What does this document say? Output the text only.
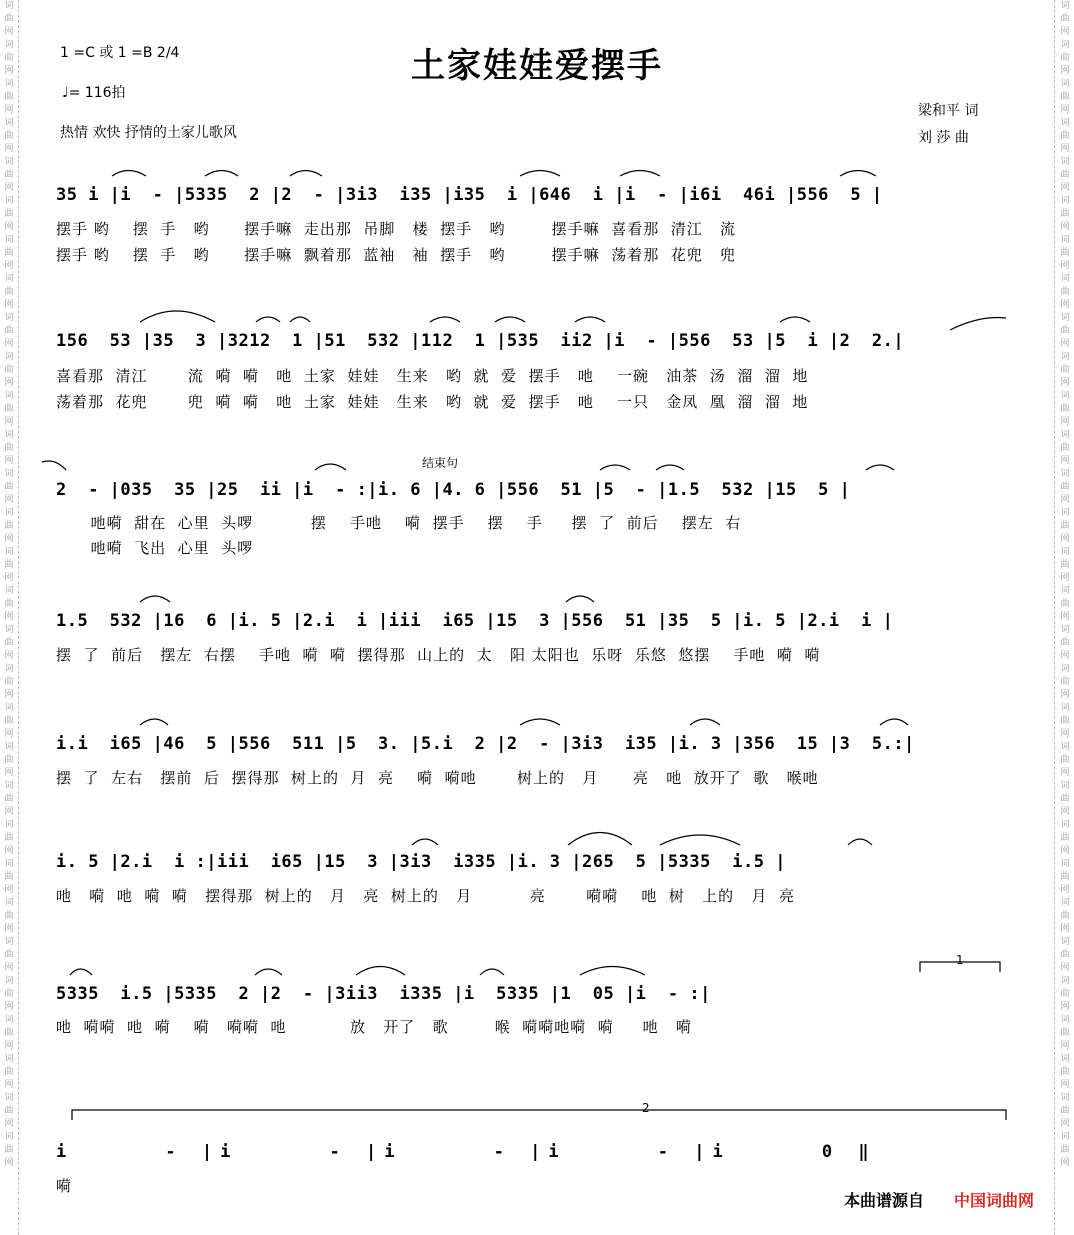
词
曲
网
词
曲
网
词
曲
网
词
曲
网
词
曲
网
词
曲
网
词
曲
网
词
曲
网
词
曲
网
词
曲
网
词
曲
网
词
曲
网
词
曲
网
词
曲
网
词
曲
网
词
曲
网
词
曲
网
词
曲
网
词
曲
网
词
曲
网
词
曲
网
词
曲
网
词
曲
网
词
曲
网
词
曲
网
词
曲
网
词
曲
网
词
曲
网
词
曲
网
词
曲
网
词
曲
网
词
曲
网
词
曲
网
词
曲
网
词
曲
网
词
曲
网
词
曲
网
词
曲
网
词
曲
网
词
曲
网
词
曲
网
词
曲
网
词
曲
网
词
曲
网
词
曲
网
词
曲
网
词
曲
网
词
曲
网
词
曲
网
词
曲
网
词
曲
网
词
曲
网
词
曲
网
词
曲
网
词
曲
网
词
曲
网
词
曲
网
词
曲
网
词
曲
网
词
曲
网
1 =C 或 1 =B 2/4
♩= 116拍
热情 欢快 抒情的土家儿歌风
土家娃娃爱摆手
梁和平 词
刘 莎 曲
35 i |i  - |5335  2 |2  - |3i3  i35 |i35  i |646  i |i  - |i6i  46i |556  5 |
摆手 哟    摆  手   哟      摆手嘛  走出那  吊脚   楼  摆手   哟        摆手嘛  喜看那  清江   流
摆手 哟    摆  手   哟      摆手嘛  飘着那  蓝袖   袖  摆手   哟        摆手嘛  荡着那  花兜   兜
156  53 |35  3 |3212  1 |51  532 |112  1 |535  ii2 |i  - |556  53 |5  i |2  2.|
喜看那  清江       流  嗬  嗬   吔  土家  娃娃   生来   哟  就  爱  摆手   吔    一碗   油茶  汤  溜  溜  地
荡着那  花兜       兜  嗬  嗬   吔  土家  娃娃   生来   哟  就  爱  摆手   吔    一只   金凤  凰  溜  溜  地
结束句
2  - |035  35 |25  ii |i  - :|i. 6 |4. 6 |556  51 |5  - |1.5  532 |15  5 |
吔嗬  甜在  心里  头啰          摆    手吔    嗬  摆手    摆    手     摆  了  前后    摆左  右
吔嗬  飞出  心里  头啰
1.5  532 |16  6 |i. 5 |2.i  i |iii  i65 |15  3 |556  51 |35  5 |i. 5 |2.i  i |
摆  了  前后   摆左  右摆    手吔  嗬  嗬  摆得那  山上的  太   阳 太阳也  乐呀  乐悠  悠摆    手吔  嗬  嗬
i.i  i65 |46  5 |556  511 |5  3. |5.i  2 |2  - |3i3  i35 |i. 3 |356  15 |3  5.:|
摆  了  左右   摆前  后  摆得那  树上的  月  亮    嗬  嗬吔       树上的   月      亮   吔  放开了  歌   喉吔
i. 5 |2.i  i :|iii  i65 |15  3 |3i3  i335 |i. 3 |265  5 |5335  i.5 |
吔   嗬  吔  嗬  嗬   摆得那  树上的   月   亮  树上的   月          亮       嗬嗬    吔  树   上的   月  亮
1
5335  i.5 |5335  2 |2  - |3ii3  i335 |i  5335 |1  05 |i  - :|
吔  嗬嗬  吔  嗬    嗬   嗬嗬  吔           放   开了   歌        喉  嗬嗬吔嗬  嗬     吔   嗬
2
i     - |i     - |i     - |i     - |i     0 ‖
嗬
本曲谱源自 中国词曲网
